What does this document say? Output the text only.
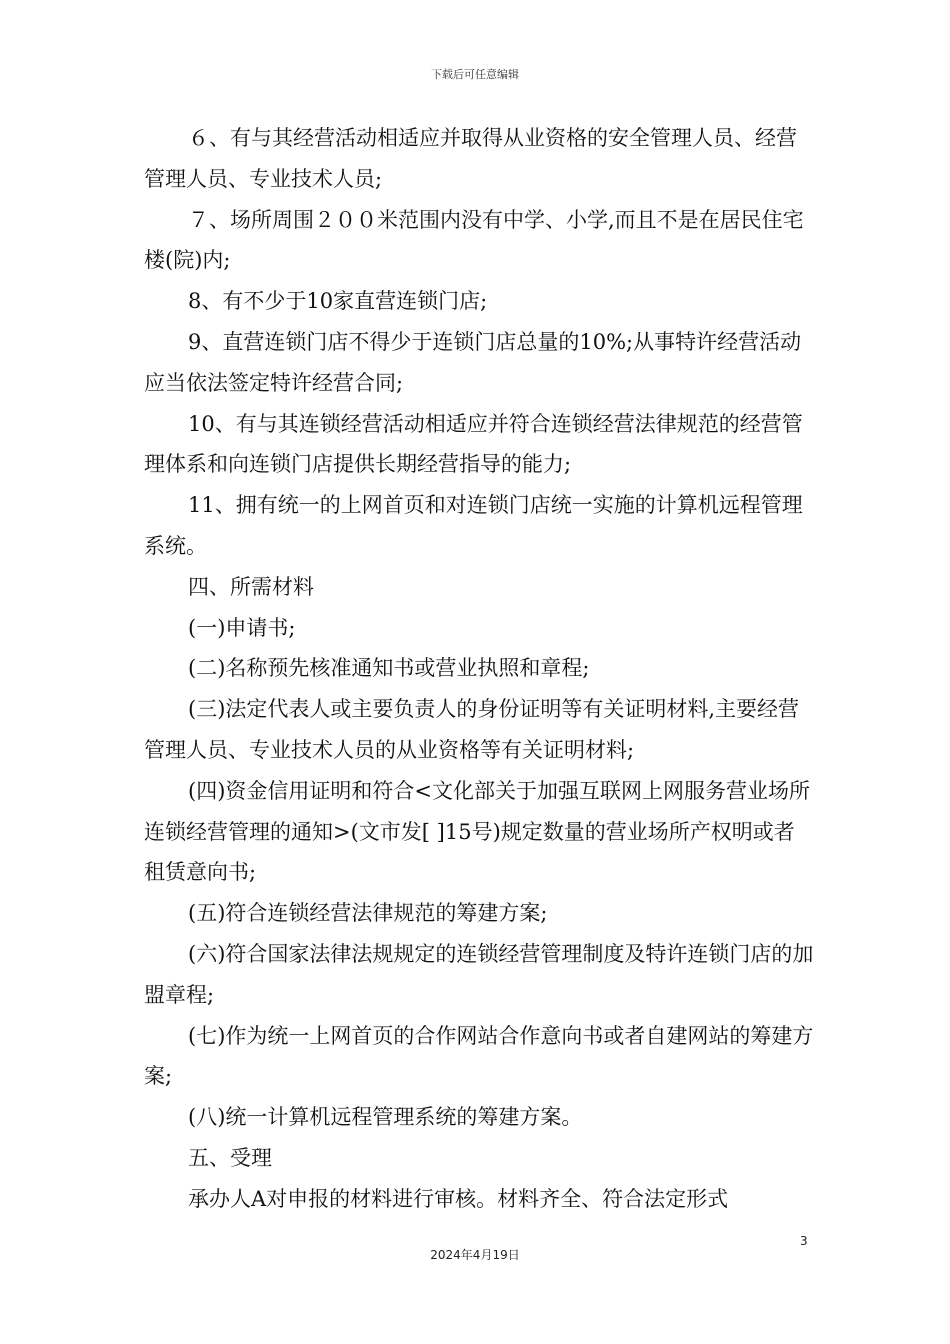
下载后可任意编辑

６、有与其经营活动相适应并取得从业资格的安全管理人员、经营管理人员、专业技术人员;

７、场所周围２００米范围内没有中学、小学,而且不是在居民住宅楼(院)内;

8、有不少于10家直营连锁门店;

9、直营连锁门店不得少于连锁门店总量的10%;从事特许经营活动应当依法签定特许经营合同;

10、有与其连锁经营活动相适应并符合连锁经营法律规范的经营管理体系和向连锁门店提供长期经营指导的能力;

11、拥有统一的上网首页和对连锁门店统一实施的计算机远程管理系统。

四、所需材料

(一)申请书;

(二)名称预先核准通知书或营业执照和章程;

(三)法定代表人或主要负责人的身份证明等有关证明材料,主要经营管理人员、专业技术人员的从业资格等有关证明材料;

(四)资金信用证明和符合<文化部关于加强互联网上网服务营业场所连锁经营管理的通知>(文市发[ ]15号)规定数量的营业场所产权明或者租赁意向书;

(五)符合连锁经营法律规范的筹建方案;

(六)符合国家法律法规规定的连锁经营管理制度及特许连锁门店的加盟章程;

(七)作为统一上网首页的合作网站合作意向书或者自建网站的筹建方案;

(八)统一计算机远程管理系统的筹建方案。

五、受理

承办人A对申报的材料进行审核。材料齐全、符合法定形式

3
2024年4月19日
